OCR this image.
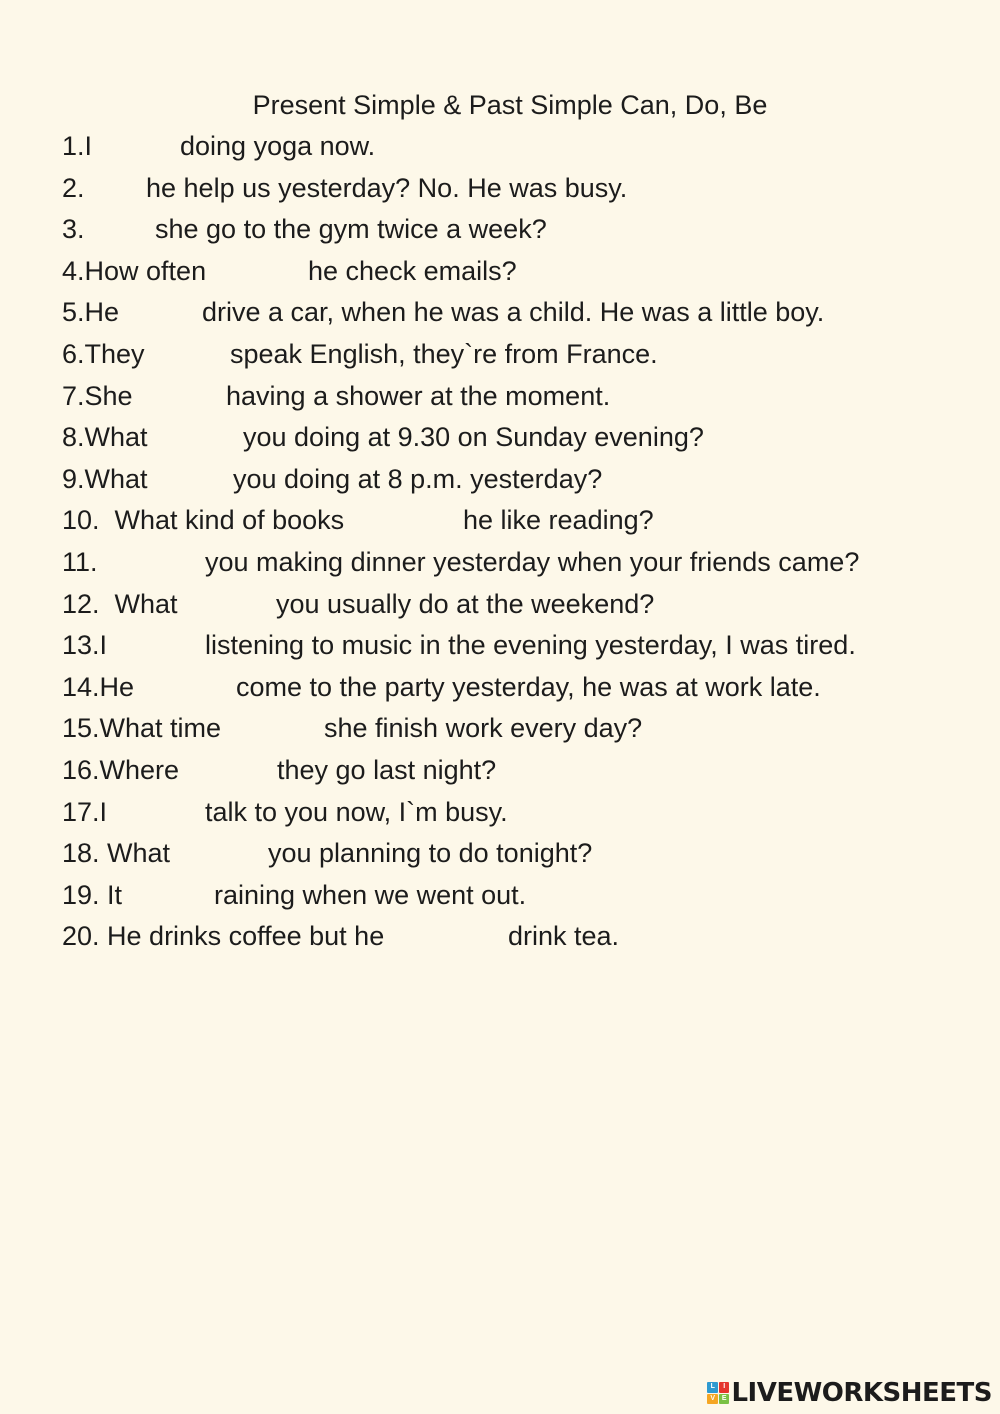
Present Simple & Past Simple Can, Do, Be
1.I	doing yoga now.
2. he help us yesterday? No. He was busy.
3.	she go to the gym twice a week?
4.How often	he check emails?
5.He	drive a car, when he was a child. He was a little boy.
6.They	speak English, they`re from France.
7.She	having a shower at the moment.
8.What	you doing at 9.30 on Sunday evening?
9.What	you doing at 8 p.m. yesterday?
10.  What kind of books	he like reading?
11.	you making dinner yesterday when your friends came?
12.  What	you usually do at the weekend?
13.I	listening to music in the evening yesterday, I was tired.
14.He	come to the party yesterday, he was at work late.
15.What time	she finish work every day?
16.Where	they go last night?
17.I	talk to you now, I`m busy.
18. What	you planning to do tonight?
19. It	raining when we went out.
20. He drinks coffee but he	drink tea.
L	I
V E LIVEWORKSHEETS
